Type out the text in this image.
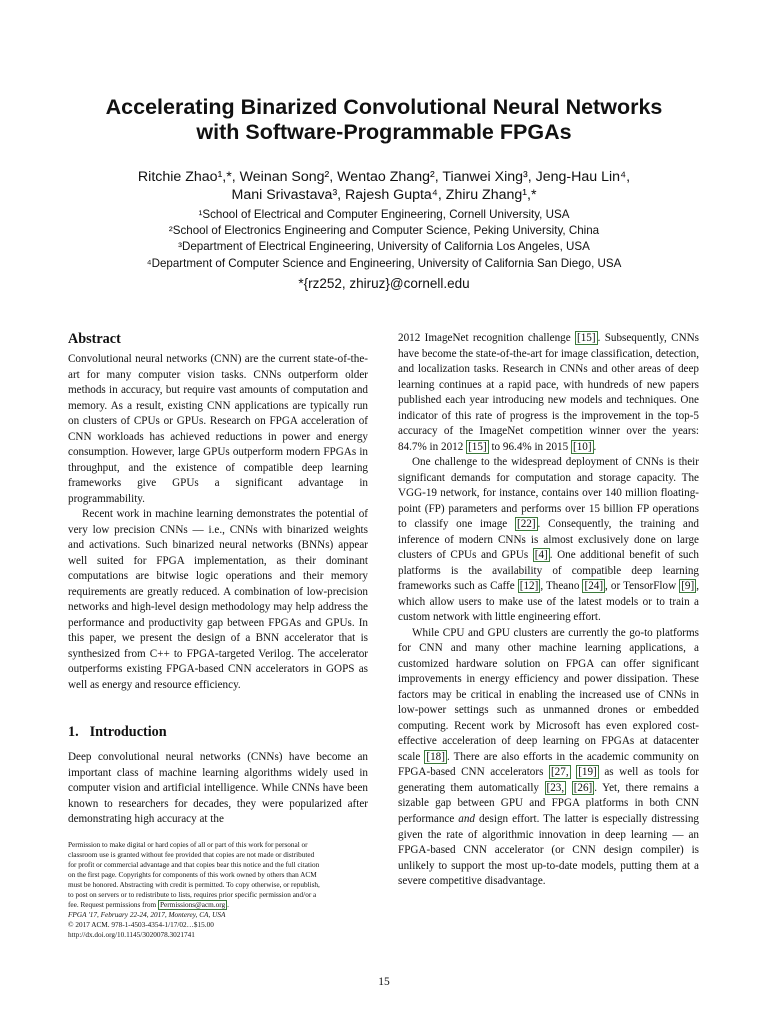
Accelerating Binarized Convolutional Neural Networks
with Software-Programmable FPGAs
Ritchie Zhao¹,*, Weinan Song², Wentao Zhang², Tianwei Xing³, Jeng-Hau Lin⁴,
Mani Srivastava³, Rajesh Gupta⁴, Zhiru Zhang¹,*
¹School of Electrical and Computer Engineering, Cornell University, USA
²School of Electronics Engineering and Computer Science, Peking University, China
³Department of Electrical Engineering, University of California Los Angeles, USA
⁴Department of Computer Science and Engineering, University of California San Diego, USA
*{rz252, zhiruz}@cornell.edu
Abstract

Convolutional neural networks (CNN) are the current state-of-the-art for many computer vision tasks. CNNs outperform older methods in accuracy, but require vast amounts of computation and memory. As a result, existing CNN applications are typically run on clusters of CPUs or GPUs. Research on FPGA acceleration of CNN workloads has achieved reductions in power and energy consumption. However, large GPUs outperform modern FPGAs in throughput, and the existence of compatible deep learning frameworks give GPUs a significant advantage in programmability.

Recent work in machine learning demonstrates the potential of very low precision CNNs — i.e., CNNs with binarized weights and activations. Such binarized neural networks (BNNs) appear well suited for FPGA implementation, as their dominant computations are bitwise logic operations and their memory requirements are greatly reduced. A combination of low-precision networks and high-level design methodology may help address the performance and productivity gap between FPGAs and GPUs. In this paper, we present the design of a BNN accelerator that is synthesized from C++ to FPGA-targeted Verilog. The accelerator outperforms existing FPGA-based CNN accelerators in GOPS as well as energy and resource efficiency.

1. Introduction

Deep convolutional neural networks (CNNs) have become an important class of machine learning algorithms widely used in computer vision and artificial intelligence. While CNNs have been known to researchers for decades, they were popularized after demonstrating high accuracy at the

2012 ImageNet recognition challenge [15] . Subsequently, CNNs have become the state-of-the-art for image classification, detection, and localization tasks. Research in CNNs and other areas of deep learning continues at a rapid pace, with hundreds of new papers published each year introducing new models and techniques. One indicator of this rate of progress is the improvement in the top-5 accuracy of the ImageNet competition winner over the years: 84.7% in 2012 [15] to 96.4% in 2015 [10] .

One challenge to the widespread deployment of CNNs is their significant demands for computation and storage capacity. The VGG-19 network, for instance, contains over 140 million floating-point (FP) parameters and performs over 15 billion FP operations to classify one image [22] . Consequently, the training and inference of modern CNNs is almost exclusively done on large clusters of CPUs and GPUs [4] . One additional benefit of such platforms is the availability of compatible deep learning frameworks such as Caffe [12] , Theano [24] , or TensorFlow [9] , which allow users to make use of the latest models or to train a custom network with little engineering effort.

While CPU and GPU clusters are currently the go-to platforms for CNN and many other machine learning applications, a customized hardware solution on FPGA can offer significant improvements in energy efficiency and power dissipation. These factors may be critical in enabling the increased use of CNNs in low-power settings such as unmanned drones or embedded computing. Recent work by Microsoft has even explored cost-effective acceleration of deep learning on FPGAs at datacenter scale [18] . There are also efforts in the academic community on FPGA-based CNN accelerators [27, [19] as well as tools for generating them automatically [23, [26] . Yet, there remains a sizable gap between GPU and FPGA platforms in both CNN performance and design effort. The latter is especially distressing given the rate of algorithmic innovation in deep learning — an FPGA-based CNN accelerator (or CNN design compiler) is unlikely to support the most up-to-date models, putting them at a severe competitive disadvantage.

Permission to make digital or hard copies of all or part of this work for personal or
classroom use is granted without fee provided that copies are not made or distributed
for profit or commercial advantage and that copies bear this notice and the full citation
on the first page. Copyrights for components of this work owned by others than ACM
must be honored. Abstracting with credit is permitted. To copy otherwise, or republish,
to post on servers or to redistribute to lists, requires prior specific permission and/or a
fee. Request permissions from Permissions@acm.org .
FPGA '17, February 22-24, 2017, Monterey, CA, USA
© 2017 ACM. 978-1-4503-4354-1/17/02…$15.00
http://dx.doi.org/10.1145/3020078.3021741
15
